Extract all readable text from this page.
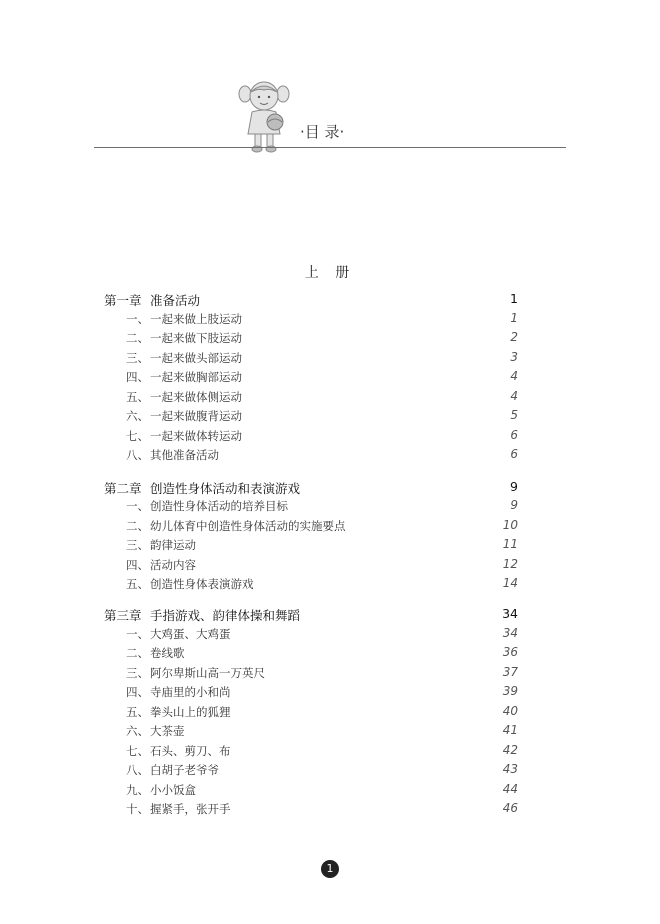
·目 录·
上 册
第一章 准备活动	1
一、 一起来做上肢运动	1
二、 一起来做下肢运动	2
三、 一起来做头部运动	3
四、 一起来做胸部运动	4
五、 一起来做体侧运动	4
六、 一起来做腹背运动	5
七、 一起来做体转运动	6
八、 其他准备活动	6
第二章 创造性身体活动和表演游戏	9
一、 创造性身体活动的培养目标	9
二、 幼儿体育中创造性身体活动的实施要点	10
三、 韵律运动	11
四、 活动内容	12
五、 创造性身体表演游戏	14
第三章 手指游戏、韵律体操和舞蹈	34
一、 大鸡蛋、大鸡蛋	34
二、 卷线歌	36
三、 阿尔卑斯山高一万英尺	37
四、 寺庙里的小和尚	39
五、 拳头山上的狐狸	40
六、 大茶壶	41
七、 石头、剪刀、布	42
八、 白胡子老爷爷	43
九、 小小饭盒	44
十、 握紧手，张开手	46
1
